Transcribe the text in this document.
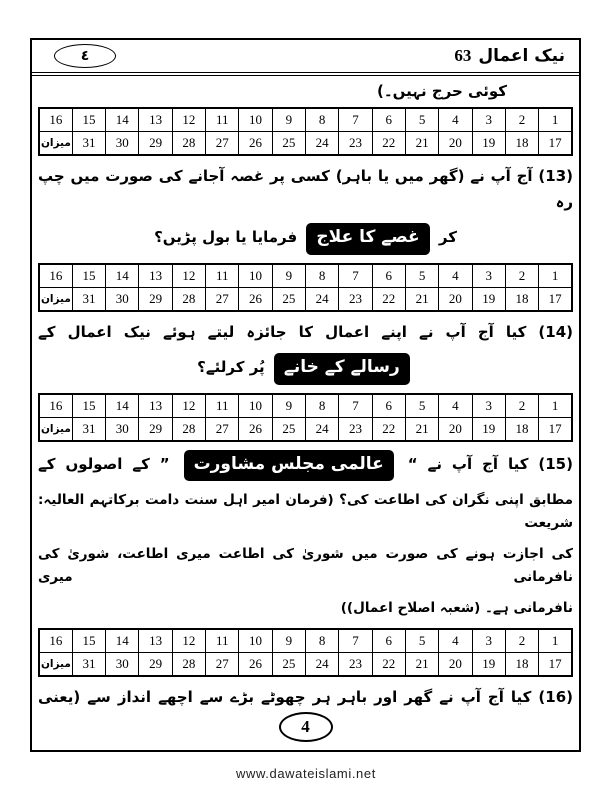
٤	63 نیک اعمال

کوئی حرج نہیں۔)

1	2	3	4	5	6	7	8	9	10	11	12	13	14	15	16
17	18	19	20	21	22	23	24	25	26	27	28	29	30	31	میزان

(13) آج آپ نے (گھر میں یا باہر) کسی پر غصہ آجانے کی صورت میں چپ رہ

کر غصے کا علاج فرمایا یا بول پڑیں؟

1	2	3	4	5	6	7	8	9	10	11	12	13	14	15	16
17	18	19	20	21	22	23	24	25	26	27	28	29	30	31	میزان

(14) کیا آج آپ نے اپنے اعمال کا جائزہ لیتے ہوئے نیک اعمال کے

رسالے کے خانے پُر کرلئے؟

1	2	3	4	5	6	7	8	9	10	11	12	13	14	15	16
17	18	19	20	21	22	23	24	25	26	27	28	29	30	31	میزان

(15) کیا آج آپ نے “ عالمی مجلس مشاورت ” کے اصولوں کے

مطابق اپنی نگران کی اطاعت کی؟ (فرمان امیر اہل سنت دامت برکاتہم العالیہ: شریعت

کی اجازت ہونے کی صورت میں شوریٰ کی اطاعت میری اطاعت، شوریٰ کی نافرمانی میری

نافرمانی ہے۔ (شعبہ اصلاح اعمال))

1	2	3	4	5	6	7	8	9	10	11	12	13	14	15	16
17	18	19	20	21	22	23	24	25	26	27	28	29	30	31	میزان

(16) کیا آج آپ نے گھر اور باہر ہر چھوٹے بڑے سے اچھے انداز سے (یعنی

4
www.dawateislami.net
